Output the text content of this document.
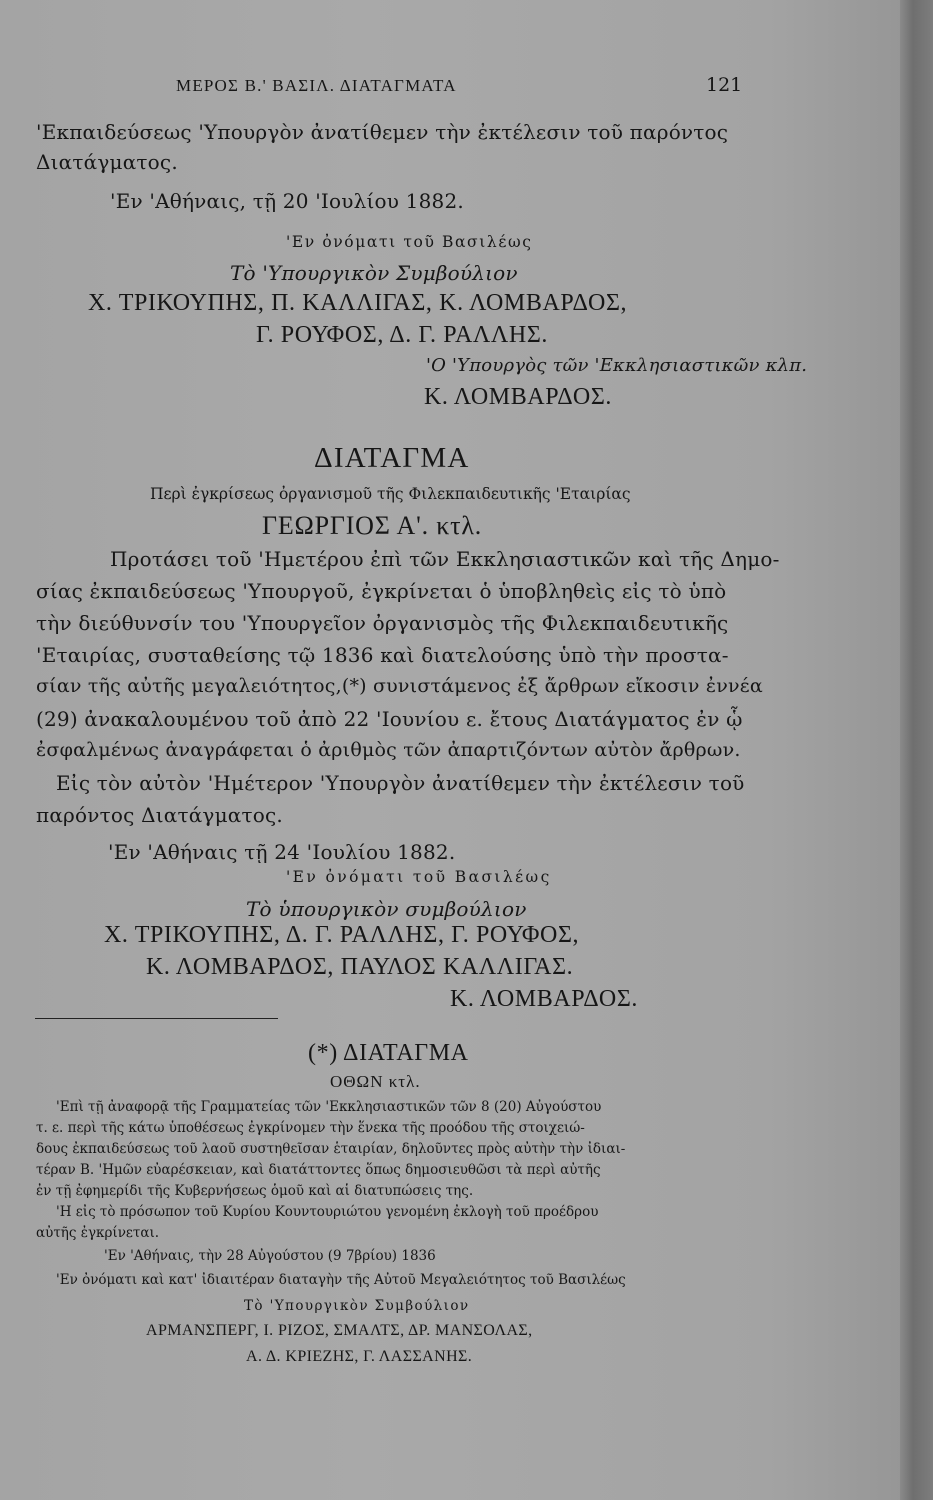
ΜΕΡΟΣ Β.' ΒΑΣΙΛ. ΔΙΑΤΑΓΜΑΤΑ	121
'Εκπαιδεύσεως 'Υπουργὸν ἀνατίθεμεν τὴν ἐκτέλεσιν τοῦ παρόντος
Διατάγματος.
'Εν 'Αθήναις, τῇ 20 'Ιουλίου 1882.
'Εν ὀνόματι τοῦ Βασιλέως
Τὸ 'Υπουργικὸν Συμβούλιον
Χ. ΤΡΙΚΟΥΠΗΣ, Π. ΚΑΛΛΙΓΑΣ, Κ. ΛΟΜΒΑΡΔΟΣ,
Γ. ΡΟΥΦΟΣ, Δ. Γ. ΡΑΛΛΗΣ.
'Ο 'Υπουργὸς τῶν 'Εκκλησιαστικῶν κλπ.
Κ. ΛΟΜΒΑΡΔΟΣ.
ΔΙΑΤΑΓΜΑ
Περὶ ἐγκρίσεως ὀργανισμοῦ τῆς Φιλεκπαιδευτικῆς 'Εταιρίας
ΓΕΩΡΓΙΟΣ Α'. κτλ.
Προτάσει τοῦ 'Ημετέρου ἐπὶ τῶν Εκκλησιαστικῶν καὶ τῆς Δημο-
σίας ἐκπαιδεύσεως 'Υπουργοῦ, ἐγκρίνεται ὁ ὑποβληθεὶς εἰς τὸ ὑπὸ
τὴν διεύθυνσίν του 'Υπουργεῖον ὀργανισμὸς τῆς Φιλεκπαιδευτικῆς
'Εταιρίας, συσταθείσης τῷ 1836 καὶ διατελούσης ὑπὸ τὴν προστα-
σίαν τῆς αὐτῆς μεγαλειότητος,(*) συνιστάμενος ἐξ ἄρθρων εἴκοσιν ἐννέα
(29) ἀνακαλουμένου τοῦ ἀπὸ 22 'Ιουνίου ε. ἔτους Διατάγματος ἐν ᾧ
ἐσφαλμένως ἀναγράφεται ὁ ἀριθμὸς τῶν ἀπαρτιζόντων αὐτὸν ἄρθρων.
Εἰς τὸν αὐτὸν 'Ημέτερον 'Υπουργὸν ἀνατίθεμεν τὴν ἐκτέλεσιν τοῦ
παρόντος Διατάγματος.
'Εν 'Αθήναις τῇ 24 'Ιουλίου 1882.
'Εν ὀνόματι τοῦ Βασιλέως
Τὸ ὑπουργικὸν συμβούλιον
Χ. ΤΡΙΚΟΥΠΗΣ, Δ. Γ. ΡΑΛΛΗΣ, Γ. ΡΟΥΦΟΣ,
Κ. ΛΟΜΒΑΡΔΟΣ, ΠΑΥΛΟΣ ΚΑΛΛΙΓΑΣ.
Κ. ΛΟΜΒΑΡΔΟΣ.
(*) ΔΙΑΤΑΓΜΑ
ΟΘΩΝ κτλ.
'Επὶ τῇ ἀναφορᾷ τῆς Γραμματείας τῶν 'Εκκλησιαστικῶν τῶν 8 (20) Αὐγούστου
τ. ε. περὶ τῆς κάτω ὑποθέσεως ἐγκρίνομεν τὴν ἕνεκα τῆς προόδου τῆς στοιχειώ-
δους ἐκπαιδεύσεως τοῦ λαοῦ συστηθεῖσαν ἑταιρίαν, δηλοῦντες πρὸς αὐτὴν τὴν ἰδιαι-
τέραν Β. 'Ημῶν εὐαρέσκειαν, καὶ διατάττοντες ὅπως δημοσιευθῶσι τὰ περὶ αὐτῆς
ἐν τῇ ἐφημερίδι τῆς Κυβερνήσεως ὁμοῦ καὶ αἱ διατυπώσεις της.
'Η εἰς τὸ πρόσωπον τοῦ Κυρίου Κουντουριώτου γενομένη ἐκλογὴ τοῦ προέδρου
αὐτῆς ἐγκρίνεται.
'Εν 'Αθήναις, τὴν 28 Αὐγούστου (9 7βρίου) 1836
'Εν ὀνόματι καὶ κατ' ἰδιαιτέραν διαταγὴν τῆς Αὐτοῦ Μεγαλειότητος τοῦ Βασιλέως
Τὸ 'Υπουργικὸν Συμβούλιον
ΑΡΜΑΝΣΠΕΡΓ, Ι. ΡΙΖΟΣ, ΣΜΑΛΤΣ, ΔΡ. ΜΑΝΣΟΛΑΣ,
Α. Δ. ΚΡΙΕΖΗΣ, Γ. ΛΑΣΣΑΝΗΣ.
